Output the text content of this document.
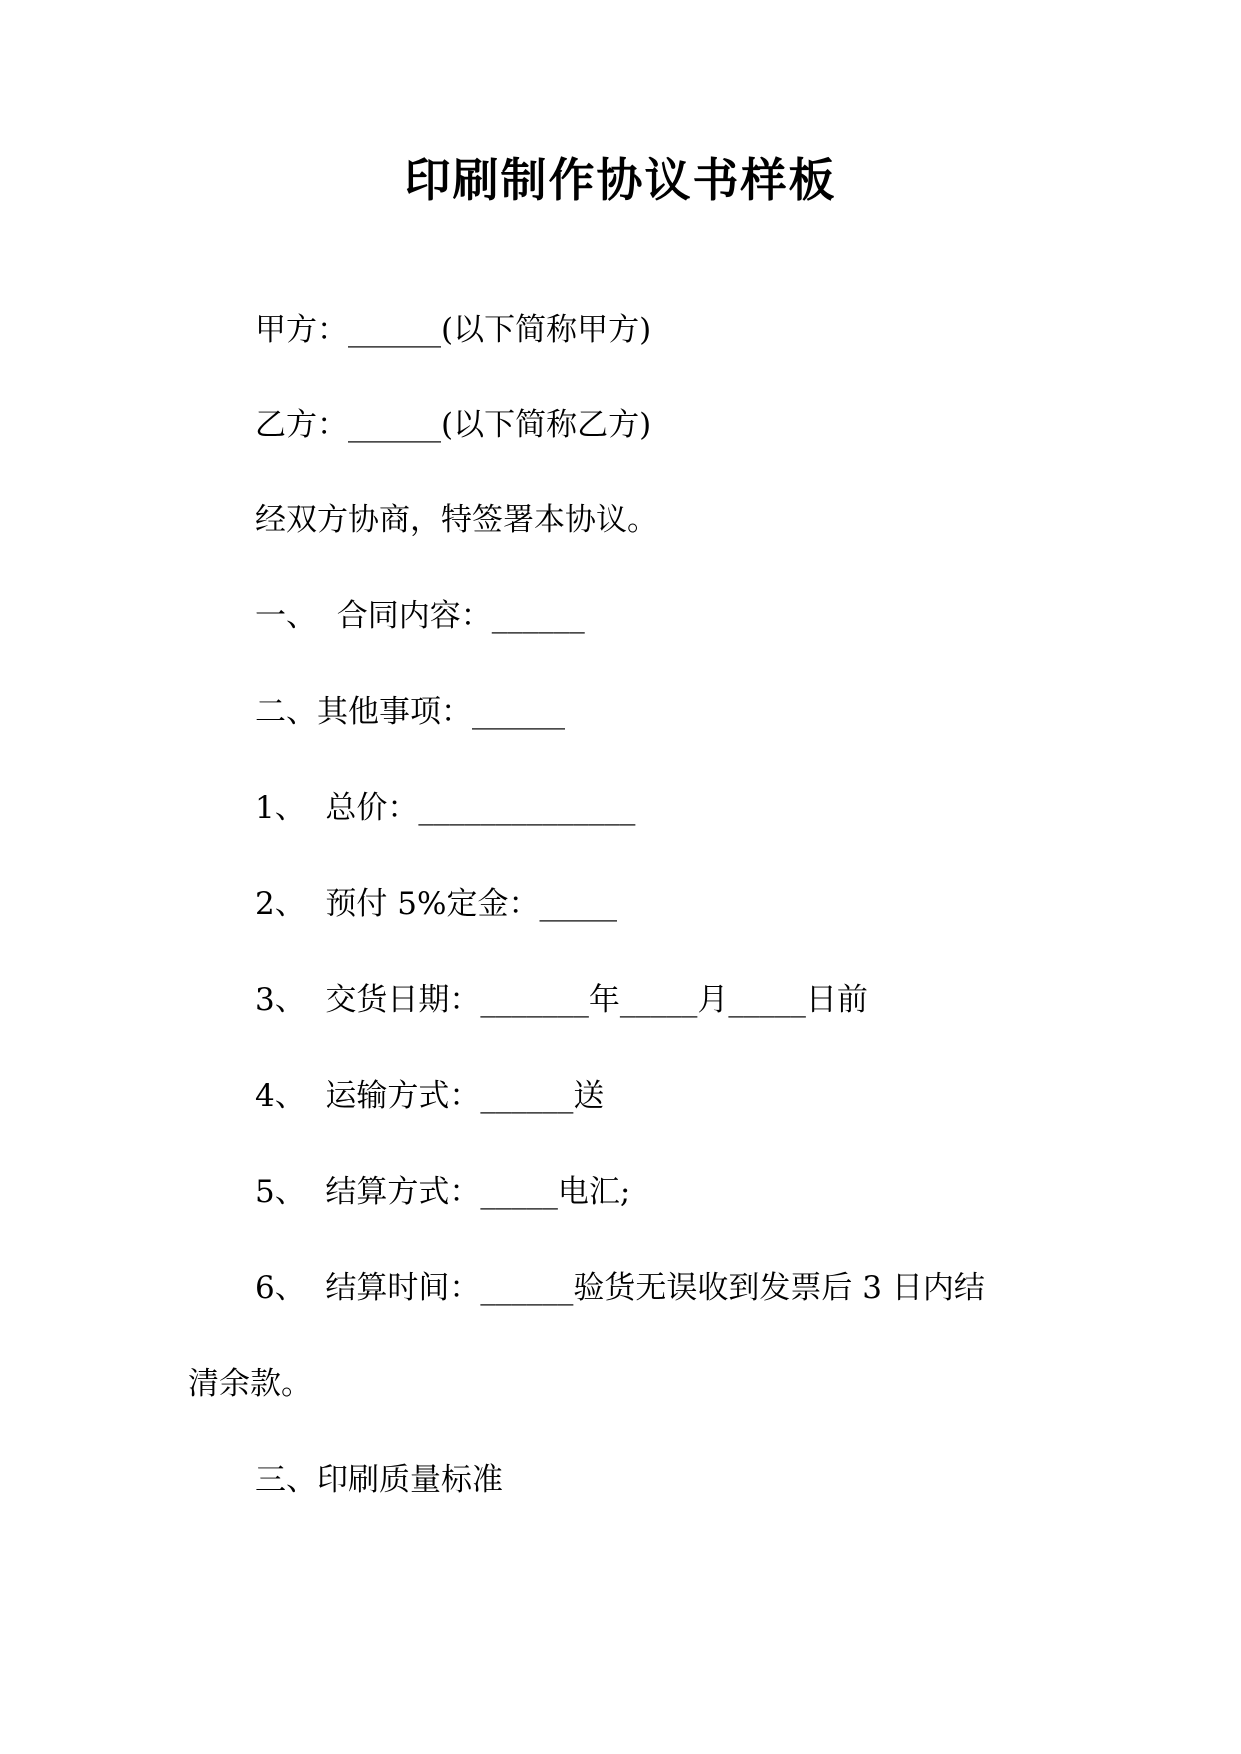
印刷制作协议书样板

甲方：______(以下简称甲方)

乙方：______(以下简称乙方)

经双方协商，特签署本协议。

一、  合同内容：______

二、其他事项：______

1、  总价：______________

2、  预付 5%定金：_____

3、  交货日期：_______年_____月_____日前

4、  运输方式：______送

5、  结算方式：_____电汇;

6、  结算时间：______验货无误收到发票后 3 日内结

清余款。

三、印刷质量标准
